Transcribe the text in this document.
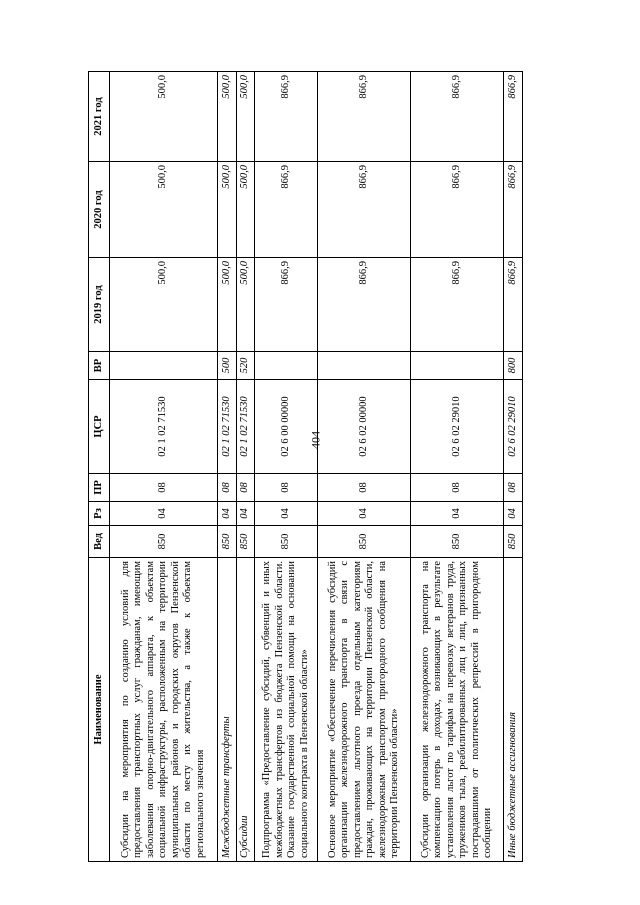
404
Наименование	Вед	Рз	ПР	ЦСР	ВР	2019 год	2020 год	2021 год
Субсидии на мероприятия по созданию условий для предоставления транспортных услуг гражданам, имеющим заболевания опорно-двигательного аппарата, к объектам социальной инфраструктуры, расположенным на территории муниципальных районов и городских округов Пензенской области по месту их жительства, а также к объектам регионального значения	850	04	08	02 1 02 71530		500,0	500,0	500,0
Межбюджетные трансферты	850	04	08	02 1 02 71530	500	500,0	500,0	500,0
Субсидии	850	04	08	02 1 02 71530	520	500,0	500,0	500,0
Подпрограмма «Предоставление субсидий, субвенций и иных межбюджетных трансфертов из бюджета Пензенской области. Оказание государственной социальной помощи на основании социального контракта в Пензенской области»	850	04	08	02 6 00 00000		866,9	866,9	866,9
Основное мероприятие «Обеспечение перечисления субсидий организации железнодорожного транспорта в связи с предоставлением льготного проезда отдельным категориям граждан, проживающих на территории Пензенской области, железнодорожным транспортом пригородного сообщения на территории Пензенской области»	850	04	08	02 6 02 00000		866,9	866,9	866,9
Субсидии организации железнодорожного транспорта на компенсацию потерь в доходах, возникающих в результате установления льгот по тарифам на перевозку ветеранов труда, тружеников тыла, реабилитированных лиц и лиц, признанных пострадавшими от политических репрессий в пригородном сообщении	850	04	08	02 6 02 29010		866,9	866,9	866,9
Иные бюджетные ассигнования	850	04	08	02 6 02 29010	800	866,9	866,9	866,9
